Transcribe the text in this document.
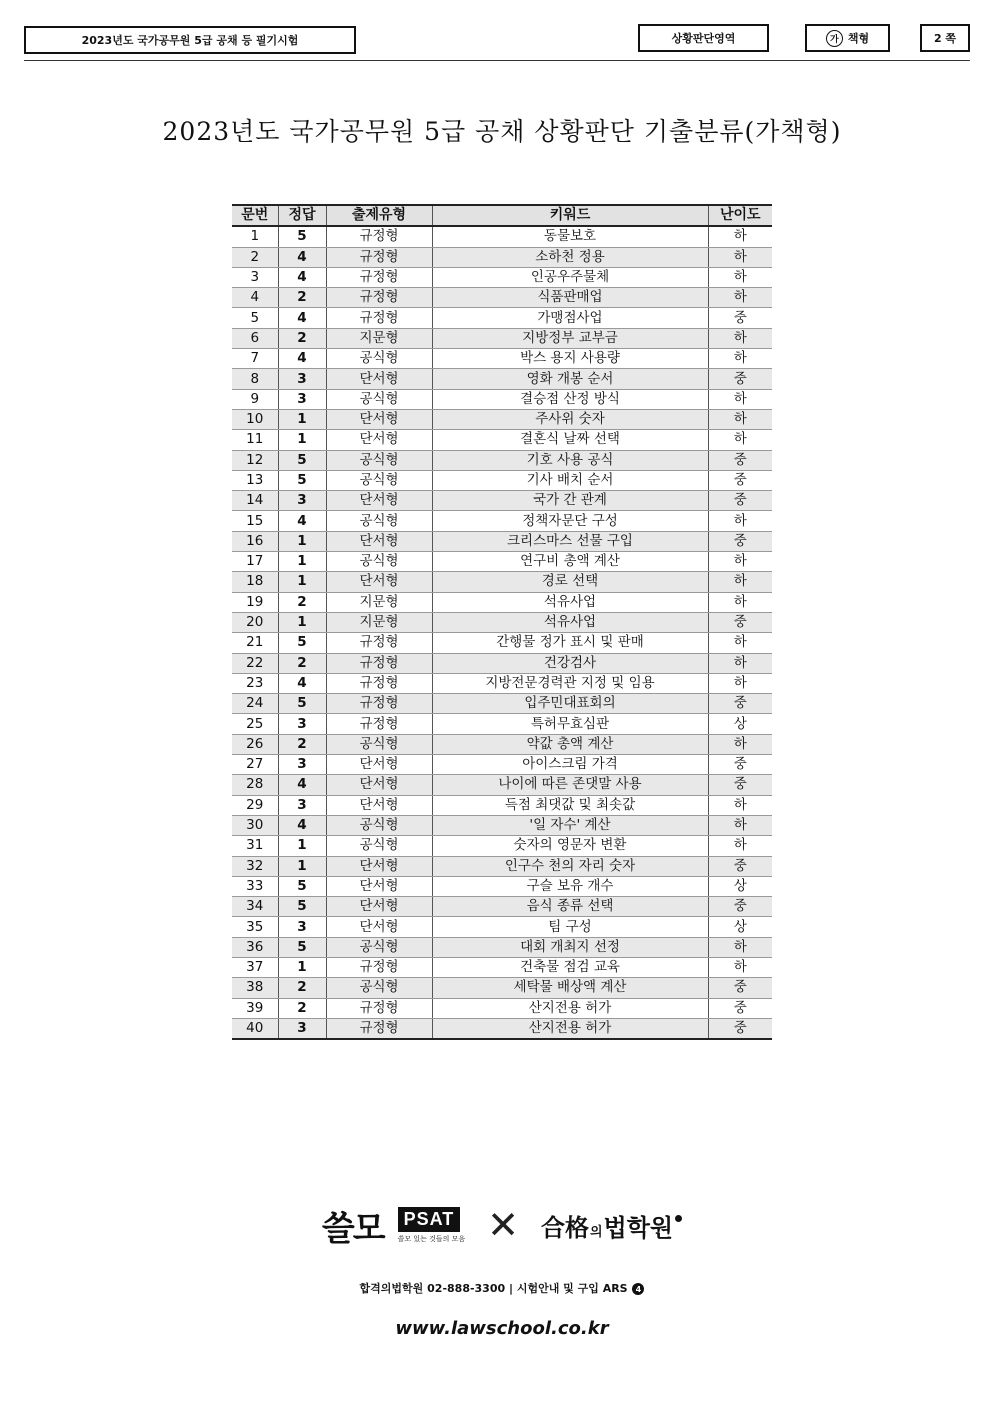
2023년도 국가공무원 5급 공채 등 필기시험	상황판단영역	가 책형	2 쪽
2023년도 국가공무원 5급 공채 상황판단 기출분류(가책형)
문번	정답	출제유형	키워드	난이도
1	5	규정형	동물보호	하
2	4	규정형	소하천 정용	하
3	4	규정형	인공우주물체	하
4	2	규정형	식품판매업	하
5	4	규정형	가맹점사업	중
6	2	지문형	지방정부 교부금	하
7	4	공식형	박스 용지 사용량	하
8	3	단서형	영화 개봉 순서	중
9	3	공식형	결승점 산정 방식	하
10	1	단서형	주사위 숫자	하
11	1	단서형	결혼식 날짜 선택	하
12	5	공식형	기호 사용 공식	중
13	5	공식형	기사 배치 순서	중
14	3	단서형	국가 간 관계	중
15	4	공식형	정책자문단 구성	하
16	1	단서형	크리스마스 선물 구입	중
17	1	공식형	연구비 총액 계산	하
18	1	단서형	경로 선택	하
19	2	지문형	석유사업	하
20	1	지문형	석유사업	중
21	5	규정형	간행물 정가 표시 및 판매	하
22	2	규정형	건강검사	하
23	4	규정형	지방전문경력관 지정 및 임용	하
24	5	규정형	입주민대표회의	중
25	3	규정형	특허무효심판	상
26	2	공식형	약값 총액 계산	하
27	3	단서형	아이스크림 가격	중
28	4	단서형	나이에 따른 존댓말 사용	중
29	3	단서형	득점 최댓값 및 최솟값	하
30	4	공식형	'일 자수' 계산	하
31	1	공식형	숫자의 영문자 변환	하
32	1	단서형	인구수 천의 자리 숫자	중
33	5	단서형	구슬 보유 개수	상
34	5	단서형	음식 종류 선택	중
35	3	단서형	팀 구성	상
36	5	공식형	대회 개최지 선정	하
37	1	규정형	건축물 점검 교육	하
38	2	공식형	세탁물 배상액 계산	중
39	2	규정형	산지전용 허가	중
40	3	규정형	산지전용 허가	중
쓸모	PSAT
쓸모 있는 것들의 모음 ✕ 合格 의 법학원
합격의법학원 02-888-3300 | 시험안내 및 구입 ARS 4
www.lawschool.co.kr
